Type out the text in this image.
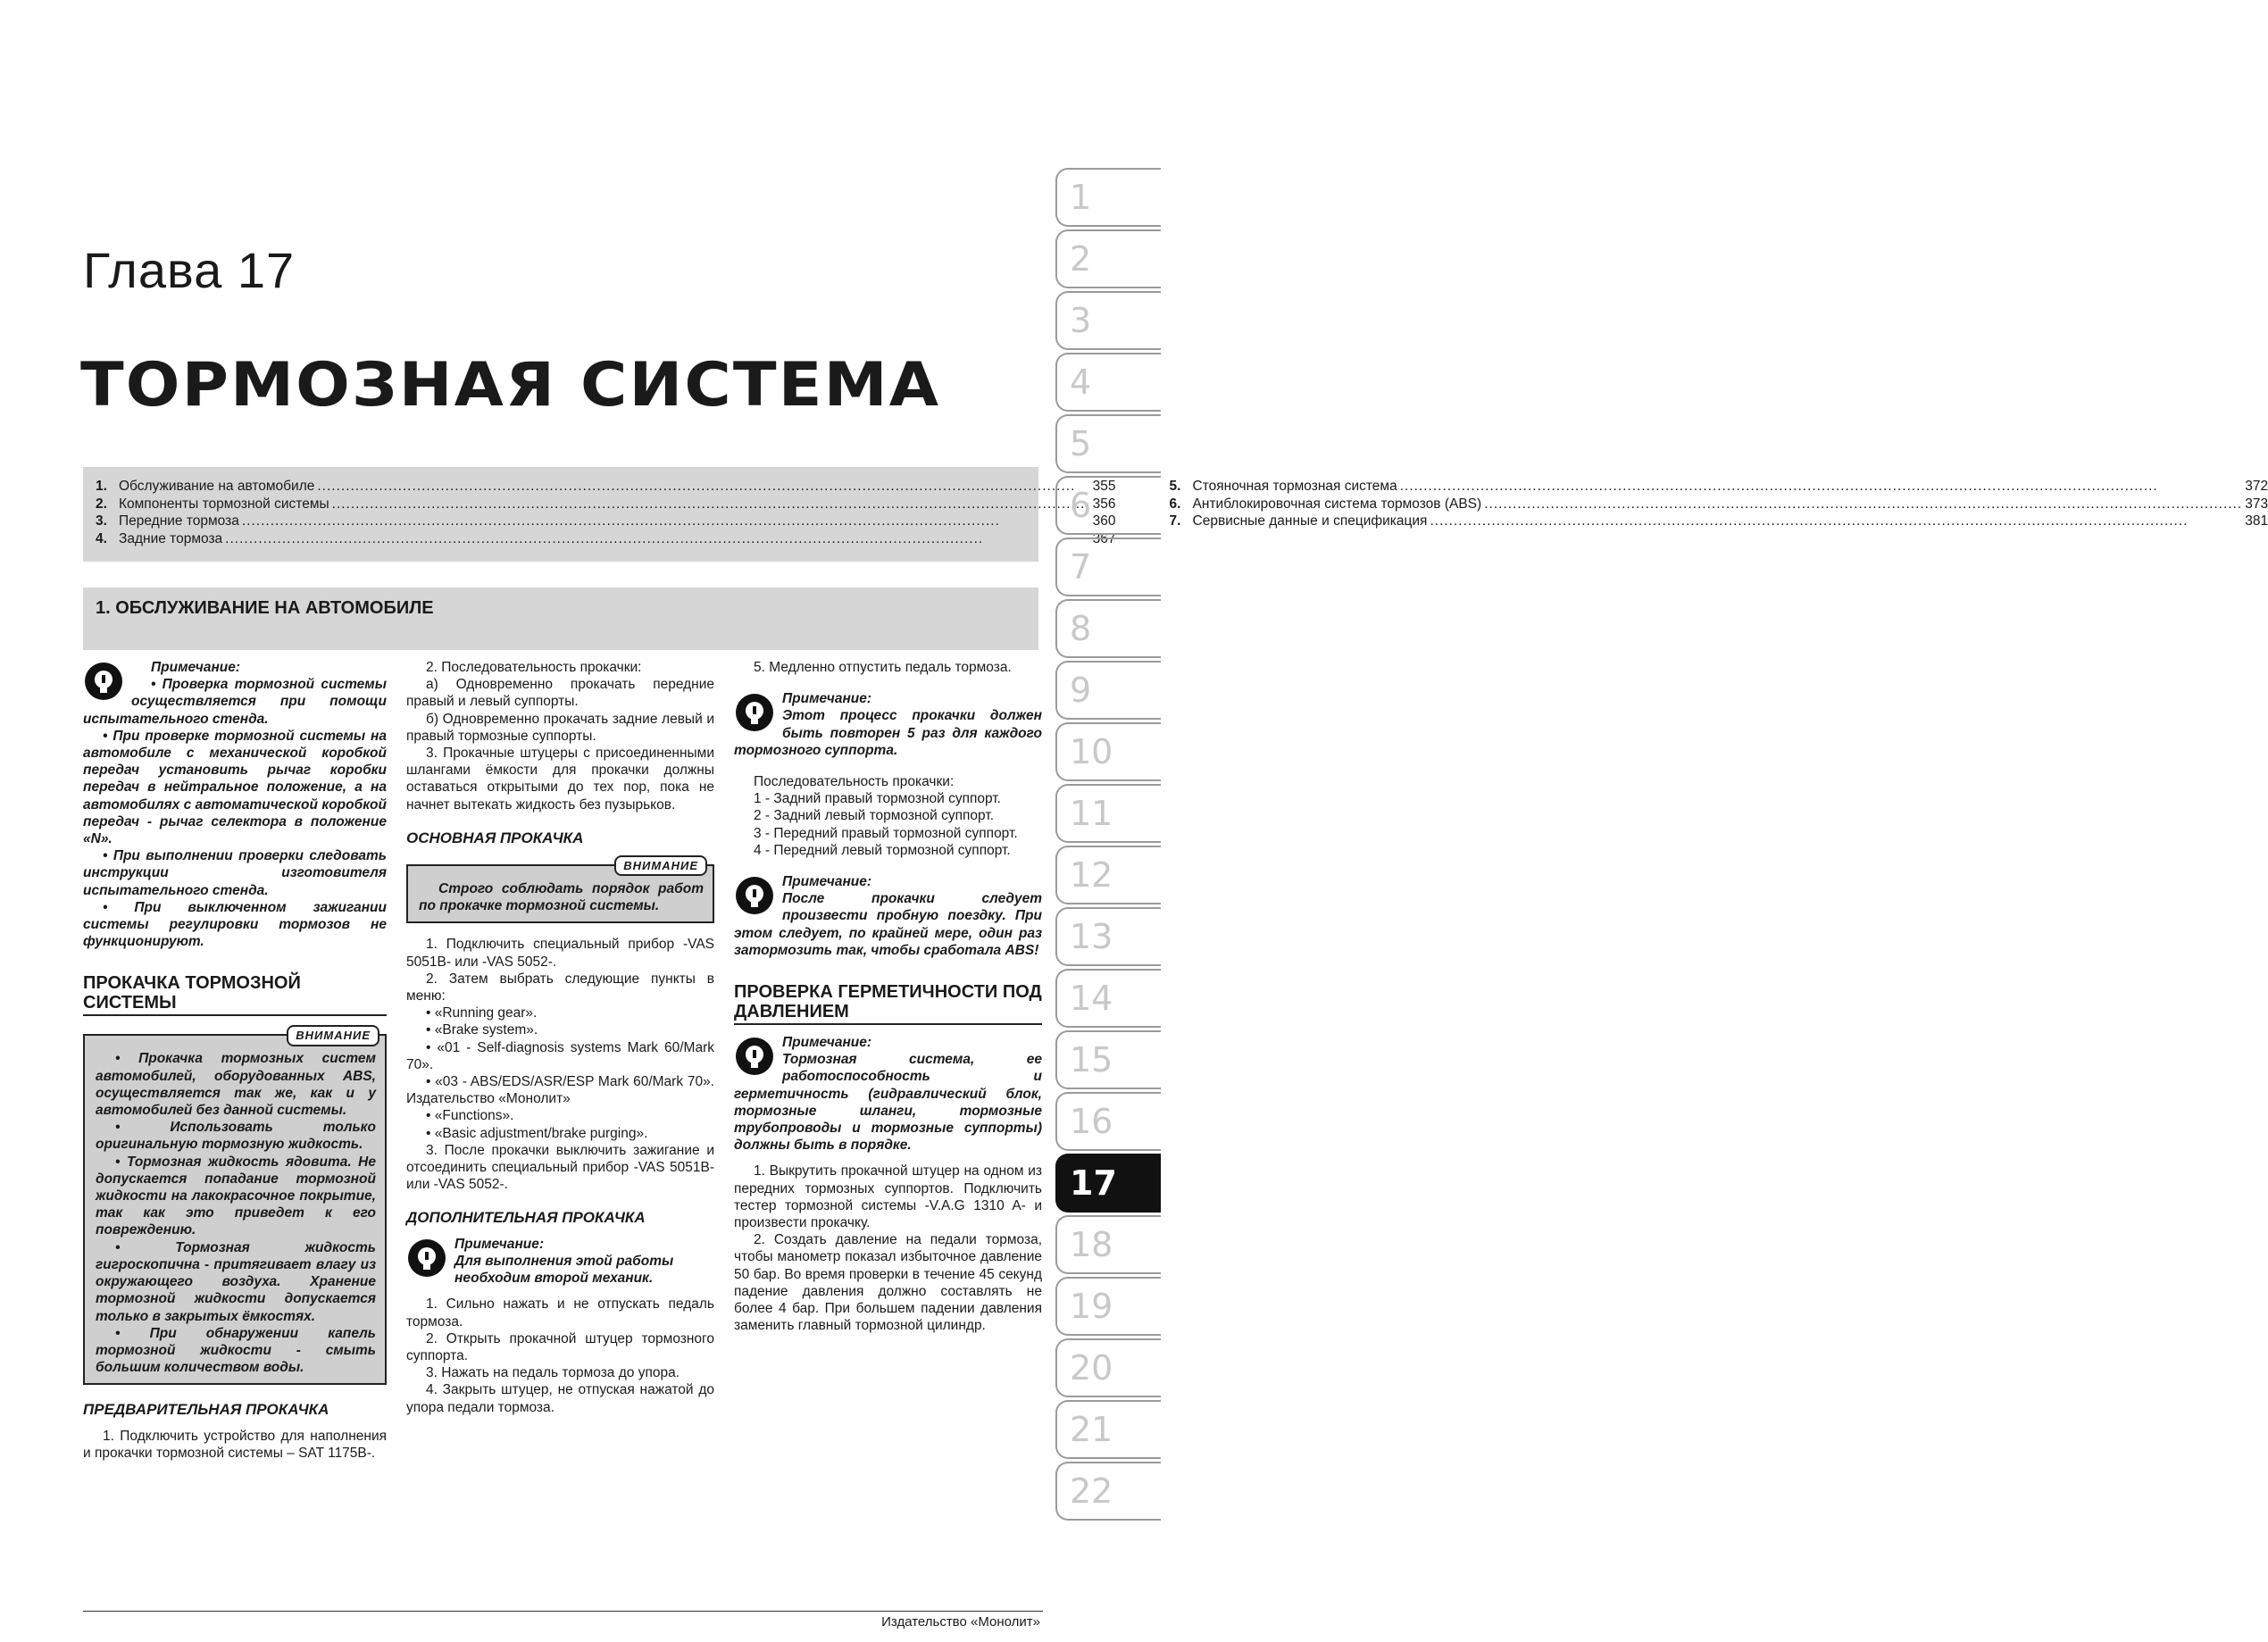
Глава 17
ТОРМОЗНАЯ СИСТЕМА
1. Обслуживание на автомобиле .....	355
2. Компоненты тормозной системы .....	356
3. Передние тормоза .....	360
4. Задние тормоза .....	367
5. Стояночная тормозная система .....	372
6. Антиблокировочная система тормозов (ABS) .....	373
7. Сервисные данные и спецификация .....	381
1. ОБСЛУЖИВАНИЕ НА АВТОМОБИЛЕ

Примечание:

• Проверка тормозной системы осуществляется при помощи испытательного стенда.

• При проверке тормозной системы на автомобиле с механической коробкой передач установить рычаг коробки передач в нейтральное положение, а на автомобилях с автоматической коробкой передач - рычаг селектора в положение «N».

• При выполнении проверки следовать инструкции изготовителя испытательного стенда.

• При выключенном зажигании системы регулировки тормозов не функционируют.

ПРОКАЧКА ТОРМОЗНОЙ СИСТЕМЫ
ВНИМАНИЕ

• Прокачка тормозных систем автомобилей, оборудованных ABS, осуществляется так же, как и у автомобилей без данной системы.

• Использовать только оригинальную тормозную жидкость.

• Тормозная жидкость ядовита. Не допускается попадание тормозной жидкости на лакокрасочное покрытие, так как это приведет к его повреждению.

• Тормозная жидкость гигроскопична - притягивает влагу из окружающего воздуха. Хранение тормозной жидкости допускается только в закрытых ёмкостях.

• При обнаружении капель тормозной жидкости - смыть большим количеством воды.

ПРЕДВАРИТЕЛЬНАЯ ПРОКАЧКА

1. Подключить устройство для наполнения и прокачки тормозной системы – SAT 1175B-.

2. Последовательность прокачки:

а) Одновременно прокачать передние правый и левый суппорты.

б) Одновременно прокачать задние левый и правый тормозные суппорты.

3. Прокачные штуцеры с присоединенными шлангами ёмкости для прокачки должны оставаться открытыми до тех пор, пока не начнет вытекать жидкость без пузырьков.

ОСНОВНАЯ ПРОКАЧКА
ВНИМАНИЕ

Строго соблюдать порядок работ по прокачке тормозной системы.

1. Подключить специальный прибор -VAS 5051B- или -VAS 5052-.

2. Затем выбрать следующие пункты в меню:

• «Running gear».

• «Brake system».

• «01 - Self-diagnosis systems Mark 60/Mark 70».

• «03 - ABS/EDS/ASR/ESP Mark 60/Mark 70». Издательство «Монолит»

• «Functions».

• «Basic adjustment/brake purging».

3. После прокачки выключить зажигание и отсоединить специальный прибор -VAS 5051B- или -VAS 5052-.

ДОПОЛНИТЕЛЬНАЯ ПРОКАЧКА

Примечание:

Для выполнения этой работы необходим второй механик.

1. Сильно нажать и не отпускать педаль тормоза.

2. Открыть прокачной штуцер тормозного суппорта.

3. Нажать на педаль тормоза до упора.

4. Закрыть штуцер, не отпуская нажатой до упора педали тормоза.

5. Медленно отпустить педаль тормоза.

Примечание:

Этот процесс прокачки должен быть повторен 5 раз для каждого тормозного суппорта.

Последовательность прокачки:

1 - Задний правый тормозной суппорт.

2 - Задний левый тормозной суппорт.

3 - Передний правый тормозной суппорт.

4 - Передний левый тормозной суппорт.

Примечание:

После прокачки следует произвести пробную поездку. При этом следует, по крайней мере, один раз затормозить так, чтобы сработала ABS!

ПРОВЕРКА ГЕРМЕТИЧНОСТИ ПОД ДАВЛЕНИЕМ

Примечание:

Тормозная система, ее работоспособность и герметичность (гидравлический блок, тормозные шланги, тормозные трубопроводы и тормозные суппорты) должны быть в порядке.

1. Выкрутить прокачной штуцер на одном из передних тормозных суппортов. Подключить тестер тормозной системы -V.A.G 1310 A- и произвести прокачку.

2. Создать давление на педали тормоза, чтобы манометр показал избыточное давление 50 бар. Во время проверки в течение 45 секунд падение давления должно составлять не более 4 бар. При большем падении давления заменить главный тормозной цилиндр.

Издательство «Монолит»
1
2
3
4
5
6
7
8
9
10
11
12
13
14
15
16
17
18
19
20
21
22
